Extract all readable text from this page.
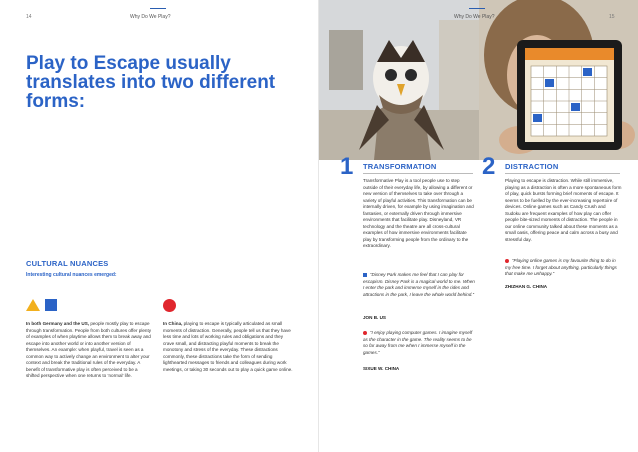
14	Why Do We Play?
Play to Escape usually translates into two different forms:
CULTURAL NUANCES
Interesting cultural nuances emerged:
In both Germany and the US, people mostly play to escape through transformation. People from both cultures offer plenty of examples of when playtime allows them to break away and escape into another world or into another version of themselves. An example: when playful, travel is seen as a common way to actively change an environment to alter your context and break the traditional rules of the everyday. A benefit of transformative play is often perceived to be a shifted perspective when one returns to ‘normal’ life.
In China, playing to escape is typically articulated as small moments of distraction. Generally, people tell us that they have less time and lots of working rules and obligations and they crave small, and distracting playful moments to break the monotony and stress of the everyday. These distractions commonly, these distractions take the form of sending lighthearted messages to friends and colleagues during work meetings, or taking 30 seconds out to play a quick game online.
Why Do We Play?	15
1 TRANSFORMATION
Transformative Play is a tool people use to step outside of their everyday life, by allowing a different or new version of themselves to take over through a variety of playful activities. This transformation can be internally driven, for example by using imagination and fantasies, or externally driven through immersive environments that facilitate play. Disneyland, VR technology and the theatre are all cross-cultural examples of how immersive environments facilitate play by transforming people from the ordinary to the extraordinary.
“Disney Park makes me feel that I can play for escapism. Disney Park is a magical world to me. When I enter the park and immerse myself in the rides and attractions in the park, I leave the whole world behind.”
JON B. US
“I enjoy playing computer games. I imagine myself as the character in the game. The reality seems to be so far away from me when I immerse myself in the games.”
SIXUE W. CHINA
2 DISTRACTION
Playing to escape is distraction. While still immersive, playing as a distraction is often a more spontaneous form of play, quick bursts forming brief moments of escape. It seems to be fuelled by the ever-increasing repertoire of devices. Online games such as Candy Crush and Sudoku are frequent examples of how play can offer people bite-sized moments of distraction. The people in our online community talked about these moments as a small oasis, offering peace and calm across a busy and stressful day.
“Playing online games is my favourite thing to do in my free time. I forget about anything, particularly things that make me unhappy.”
ZHIZHAN G. CHINA
